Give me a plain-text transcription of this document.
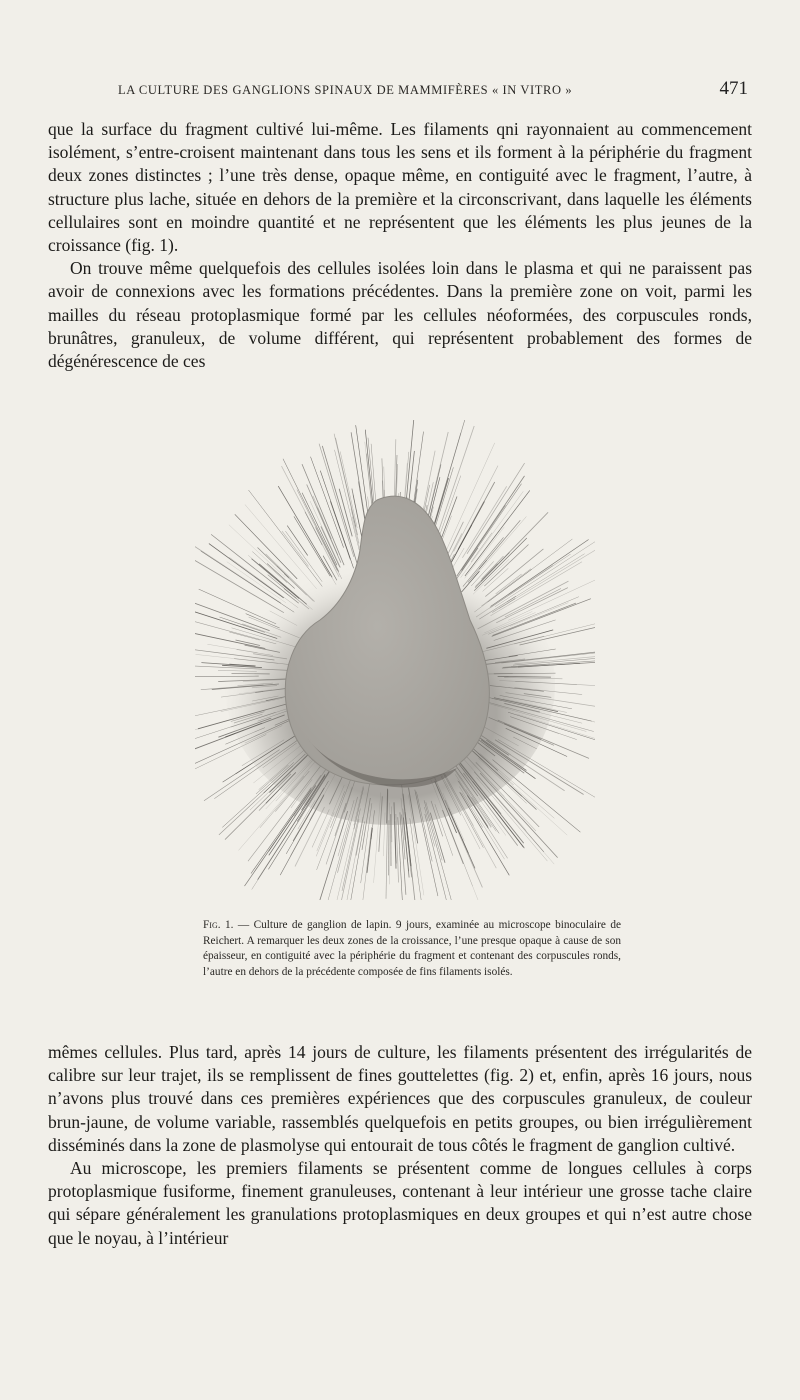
LA CULTURE DES GANGLIONS SPINAUX DE MAMMIFÈRES « IN VITRO »	471

que la surface du fragment cultivé lui-même. Les filaments qni rayonnaient au commencement isolément, s’entre-croisent maintenant dans tous les sens et ils forment à la périphérie du fragment deux zones distinctes ; l’une très dense, opaque même, en contiguité avec le fragment, l’autre, à structure plus lache, située en dehors de la première et la circonscrivant, dans laquelle les éléments cellulaires sont en moindre quantité et ne représentent que les éléments les plus jeunes de la croissance (fig. 1).

On trouve même quelquefois des cellules isolées loin dans le plasma et qui ne paraissent pas avoir de connexions avec les formations précédentes. Dans la première zone on voit, parmi les mailles du réseau protoplasmique formé par les cellules néoformées, des corpuscules ronds, brunâtres, granuleux, de volume différent, qui représentent probablement des formes de dégénérescence de ces

Fig. 1. — Culture de ganglion de lapin. 9 jours, examinée au microscope binoculaire de Reichert. A remarquer les deux zones de la croissance, l’une presque opaque à cause de son épaisseur, en contiguité avec la périphérie du fragment et contenant des corpuscules ronds, l’autre en dehors de la précédente composée de fins filaments isolés.

mêmes cellules. Plus tard, après 14 jours de culture, les filaments présentent des irrégularités de calibre sur leur trajet, ils se remplissent de fines gouttelettes (fig. 2) et, enfin, après 16 jours, nous n’avons plus trouvé dans ces premières expériences que des corpuscules granuleux, de couleur brun-jaune, de volume variable, rassemblés quelquefois en petits groupes, ou bien irrégulièrement disséminés dans la zone de plasmolyse qui entourait de tous côtés le fragment de ganglion cultivé.

Au microscope, les premiers filaments se présentent comme de longues cellules à corps protoplasmique fusiforme, finement granuleuses, contenant à leur intérieur une grosse tache claire qui sépare généralement les granulations protoplasmiques en deux groupes et qui n’est autre chose que le noyau, à l’intérieur
